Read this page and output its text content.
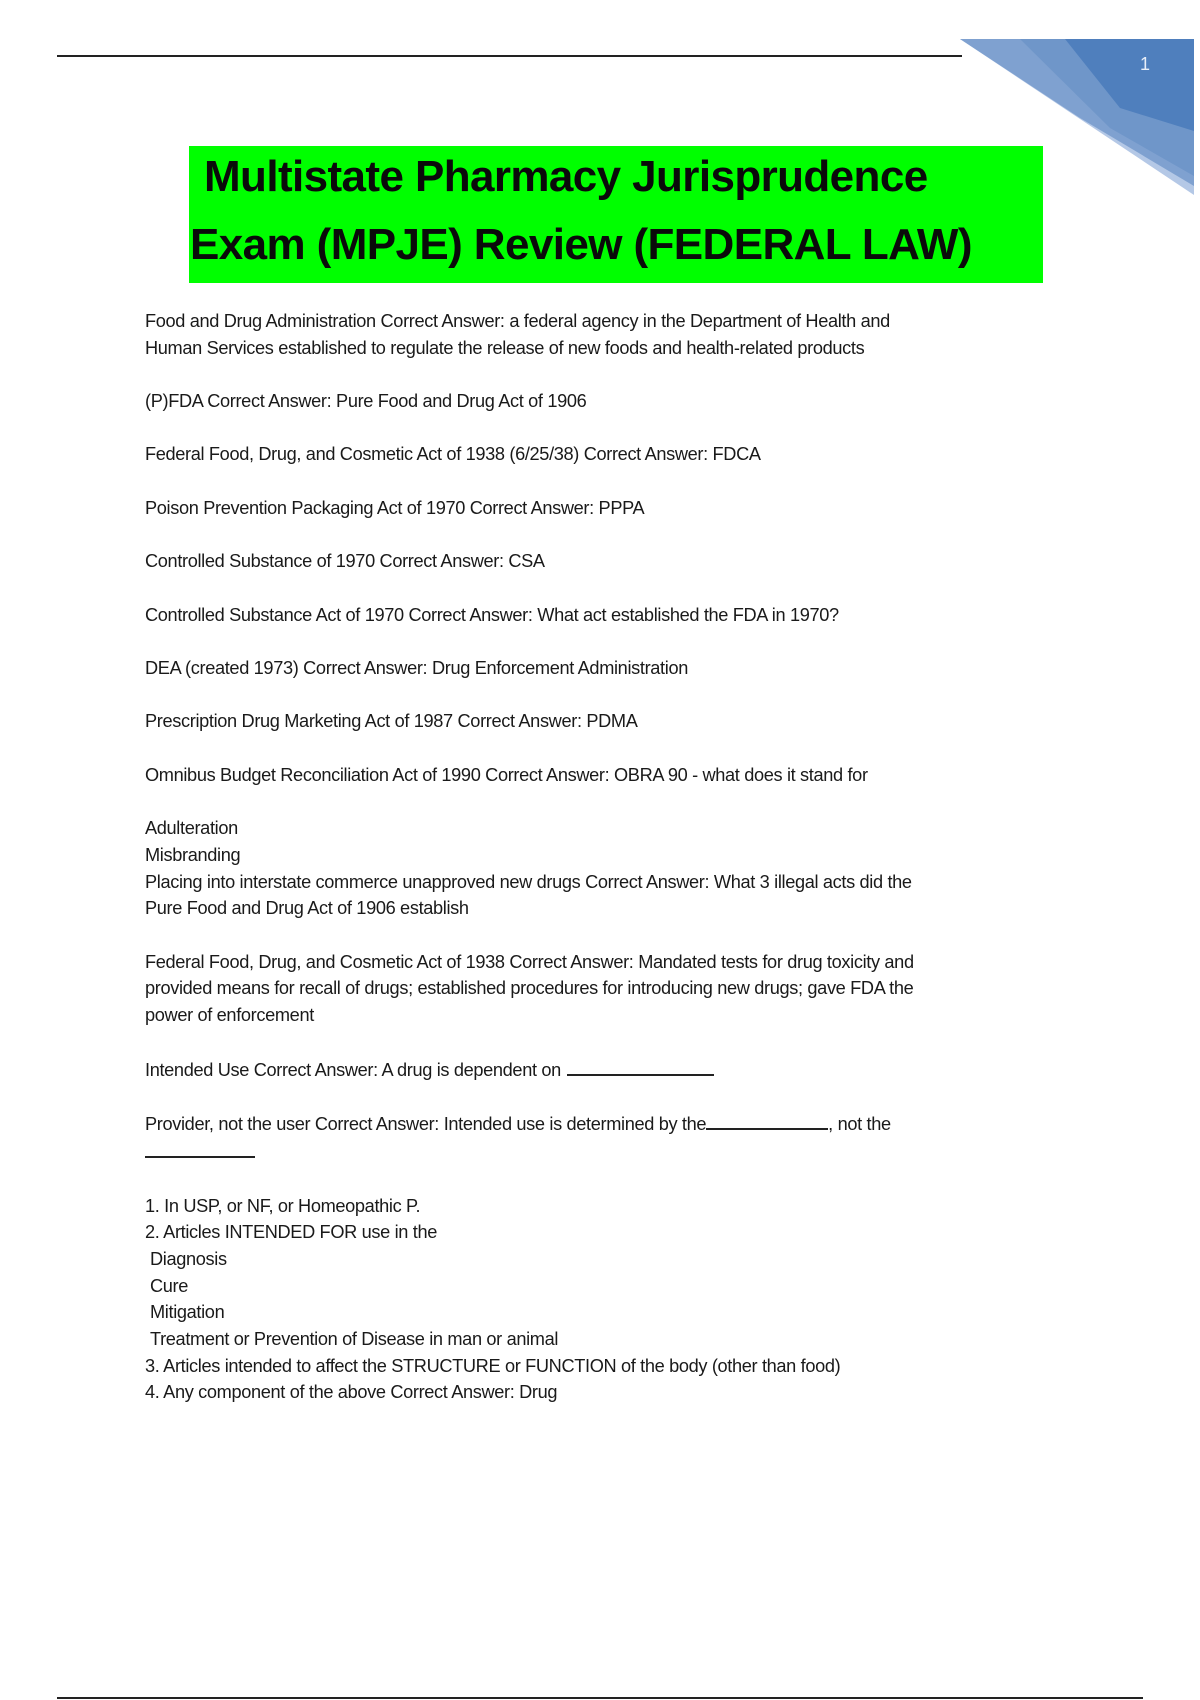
1
Multistate Pharmacy Jurisprudence
Exam (MPJE) Review (FEDERAL LAW)

Food and Drug Administration Correct Answer: a federal agency in the Department of Health and
Human Services established to regulate the release of new foods and health-related products

(P)FDA Correct Answer: Pure Food and Drug Act of 1906

Federal Food, Drug, and Cosmetic Act of 1938 (6/25/38) Correct Answer: FDCA

Poison Prevention Packaging Act of 1970 Correct Answer: PPPA

Controlled Substance of 1970 Correct Answer: CSA

Controlled Substance Act of 1970 Correct Answer: What act established the FDA in 1970?

DEA (created 1973) Correct Answer: Drug Enforcement Administration

Prescription Drug Marketing Act of 1987 Correct Answer: PDMA

Omnibus Budget Reconciliation Act of 1990 Correct Answer: OBRA 90 - what does it stand for

Adulteration
Misbranding
Placing into interstate commerce unapproved new drugs Correct Answer: What 3 illegal acts did the
Pure Food and Drug Act of 1906 establish

Federal Food, Drug, and Cosmetic Act of 1938 Correct Answer: Mandated tests for drug toxicity and
provided means for recall of drugs; established procedures for introducing new drugs; gave FDA the
power of enforcement

Intended Use Correct Answer: A drug is dependent on

Provider, not the user Correct Answer: Intended use is determined by the	, not the

1. In USP, or NF, or Homeopathic P.
2. Articles INTENDED FOR use in the
Diagnosis
Cure
Mitigation
Treatment or Prevention of Disease in man or animal
3. Articles intended to affect the STRUCTURE or FUNCTION of the body (other than food)
4. Any component of the above Correct Answer: Drug
